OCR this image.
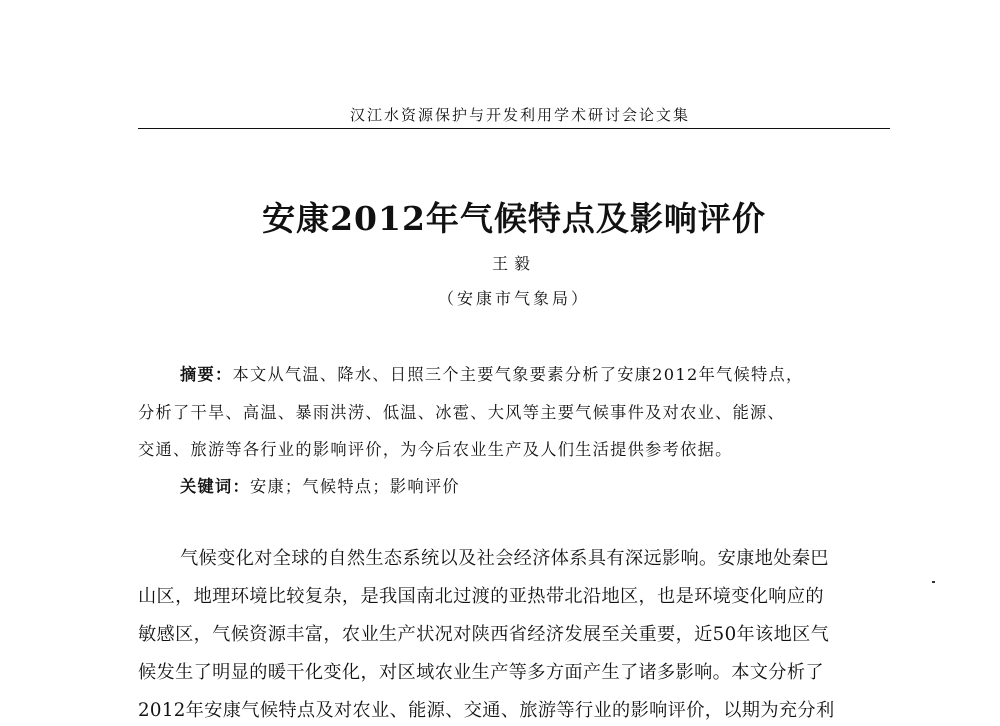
汉江水资源保护与开发利用学术研讨会论文集
安康2012年气候特点及影响评价
王毅
（安康市气象局）
摘要：本文从气温、降水、日照三个主要气象要素分析了安康2012年气候特点，
分析了干旱、高温、暴雨洪涝、低温、冰雹、大风等主要气候事件及对农业、能源、
交通、旅游等各行业的影响评价，为今后农业生产及人们生活提供参考依据。
关键词：安康；气候特点；影响评价
气候变化对全球的自然生态系统以及社会经济体系具有深远影响。安康地处秦巴
山区，地理环境比较复杂，是我国南北过渡的亚热带北沿地区，也是环境变化响应的
敏感区，气候资源丰富，农业生产状况对陕西省经济发展至关重要，近50年该地区气
候发生了明显的暖干化变化，对区域农业生产等多方面产生了诸多影响。本文分析了
2012年安康气候特点及对农业、能源、交通、旅游等行业的影响评价，以期为充分利
